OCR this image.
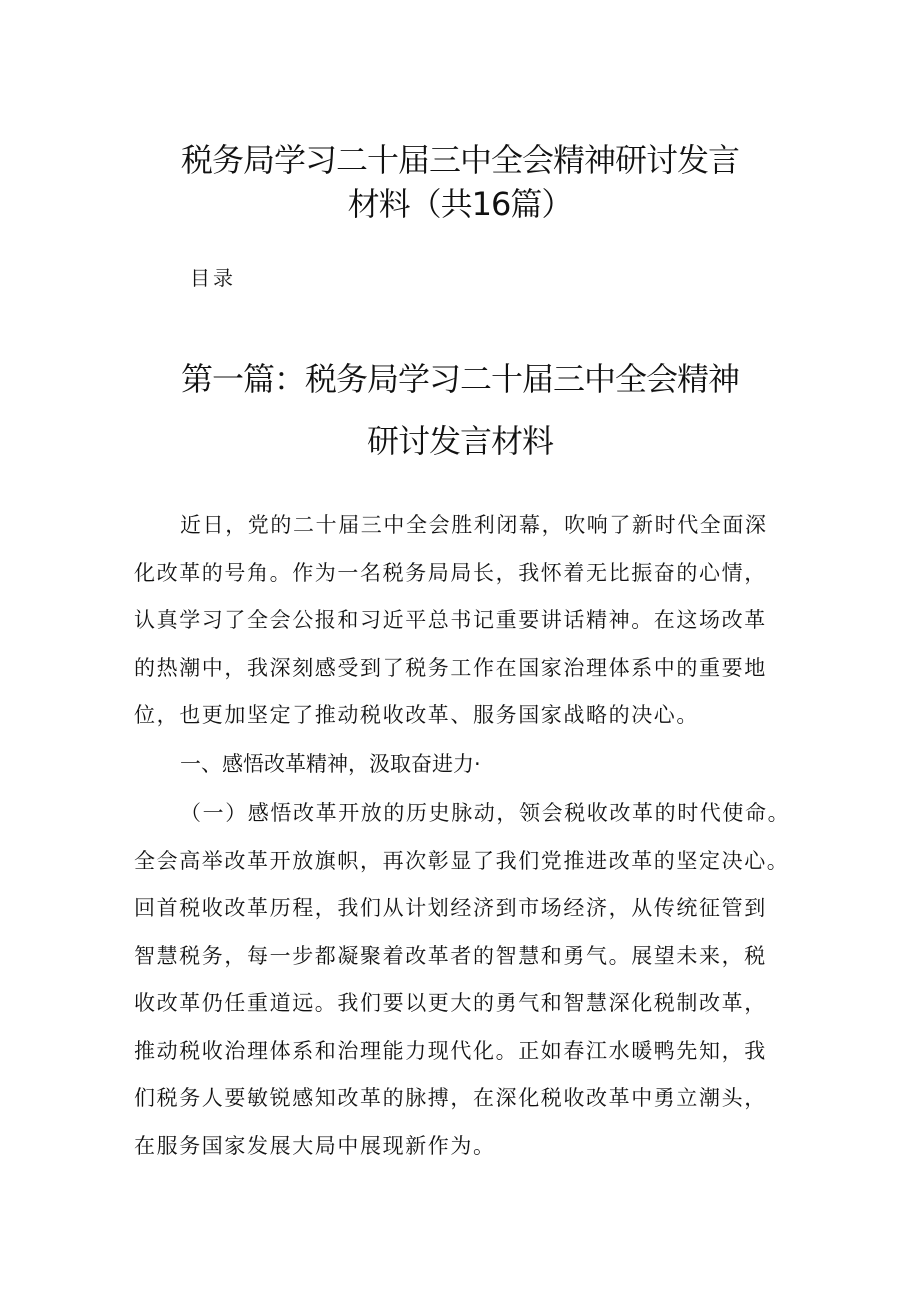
税务局学习二十届三中全会精神研讨发言
材料（共16篇）
目录
第一篇：税务局学习二十届三中全会精神
研讨发言材料

近日，党的二十届三中全会胜利闭幕，吹响了新时代全面深
化改革的号角。作为一名税务局局长，我怀着无比振奋的心情，
认真学习了全会公报和习近平总书记重要讲话精神。在这场改革
的热潮中，我深刻感受到了税务工作在国家治理体系中的重要地
位，也更加坚定了推动税收改革、服务国家战略的决心。

一、感悟改革精神，汲取奋进力·

（一）感悟改革开放的历史脉动，领会税收改革的时代使命。
全会高举改革开放旗帜，再次彰显了我们党推进改革的坚定决心。
回首税收改革历程，我们从计划经济到市场经济，从传统征管到
智慧税务，每一步都凝聚着改革者的智慧和勇气。展望未来，税
收改革仍任重道远。我们要以更大的勇气和智慧深化税制改革，
推动税收治理体系和治理能力现代化。正如春江水暖鸭先知，我
们税务人要敏锐感知改革的脉搏，在深化税收改革中勇立潮头，
在服务国家发展大局中展现新作为。
